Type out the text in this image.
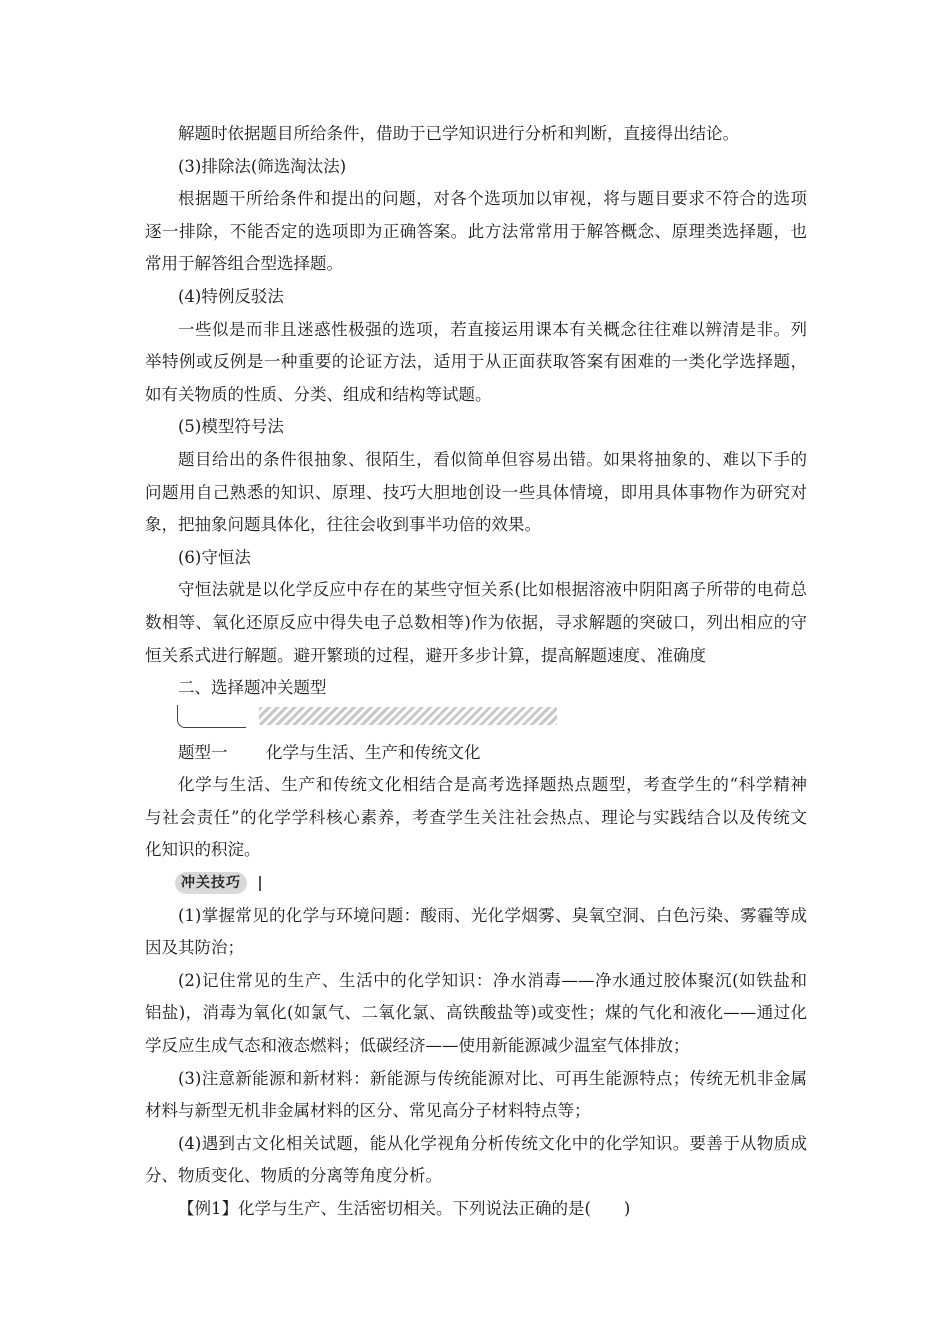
解题时依据题目所给条件，借助于已学知识进行分析和判断，直接得出结论。
(3)排除法(筛选淘汰法)
根据题干所给条件和提出的问题，对各个选项加以审视，将与题目要求不符合的选项
逐一排除，不能否定的选项即为正确答案。此方法常常用于解答概念、原理类选择题，也
常用于解答组合型选择题。
(4)特例反驳法
一些似是而非且迷惑性极强的选项，若直接运用课本有关概念往往难以辨清是非。列
举特例或反例是一种重要的论证方法，适用于从正面获取答案有困难的一类化学选择题，
如有关物质的性质、分类、组成和结构等试题。
(5)模型符号法
题目给出的条件很抽象、很陌生，看似简单但容易出错。如果将抽象的、难以下手的
问题用自己熟悉的知识、原理、技巧大胆地创设一些具体情境，即用具体事物作为研究对
象，把抽象问题具体化，往往会收到事半功倍的效果。
(6)守恒法
守恒法就是以化学反应中存在的某些守恒关系(比如根据溶液中阴阳离子所带的电荷总
数相等、氧化还原反应中得失电子总数相等)作为依据，寻求解题的突破口，列出相应的守
恒关系式进行解题。避开繁琐的过程，避开多步计算，提高解题速度、准确度
二、选择题冲关题型
题型一 化学与生活、生产和传统文化
化学与生活、生产和传统文化相结合是高考选择题热点题型，考查学生的“科学精神
与社会责任”的化学学科核心素养，考查学生关注社会热点、理论与实践结合以及传统文
化知识的积淀。
冲关技巧
(1)掌握常见的化学与环境问题：酸雨、光化学烟雾、臭氧空洞、白色污染、雾霾等成
因及其防治；
(2)记住常见的生产、生活中的化学知识：净水消毒——净水通过胶体聚沉(如铁盐和
铝盐)，消毒为氧化(如氯气、二氧化氯、高铁酸盐等)或变性；煤的气化和液化——通过化
学反应生成气态和液态燃料；低碳经济——使用新能源减少温室气体排放；
(3)注意新能源和新材料：新能源与传统能源对比、可再生能源特点；传统无机非金属
材料与新型无机非金属材料的区分、常见高分子材料特点等；
(4)遇到古文化相关试题，能从化学视角分析传统文化中的化学知识。要善于从物质成
分、物质变化、物质的分离等角度分析。
【例1】化学与生产、生活密切相关。下列说法正确的是(　　)
